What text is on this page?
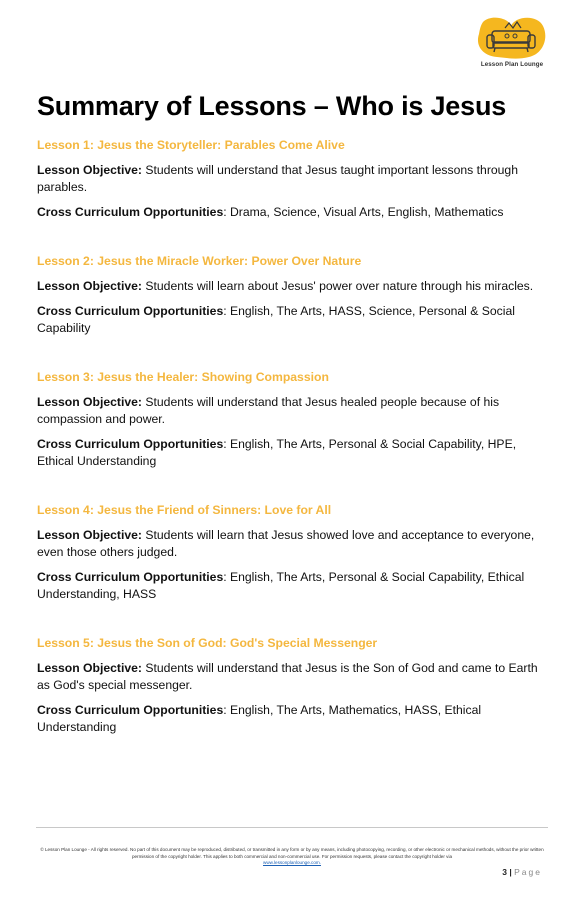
Lesson Plan Lounge
Summary of Lessons – Who is Jesus
Lesson 1: Jesus the Storyteller: Parables Come Alive

Lesson Objective: Students will understand that Jesus taught important lessons through parables.

Cross Curriculum Opportunities: Drama, Science, Visual Arts, English, Mathematics

Lesson 2: Jesus the Miracle Worker: Power Over Nature

Lesson Objective: Students will learn about Jesus' power over nature through his miracles.

Cross Curriculum Opportunities: English, The Arts, HASS, Science, Personal & Social Capability

Lesson 3: Jesus the Healer: Showing Compassion

Lesson Objective: Students will understand that Jesus healed people because of his compassion and power.

Cross Curriculum Opportunities: English, The Arts, Personal & Social Capability, HPE, Ethical Understanding

Lesson 4: Jesus the Friend of Sinners: Love for All

Lesson Objective: Students will learn that Jesus showed love and acceptance to everyone, even those others judged.

Cross Curriculum Opportunities: English, The Arts, Personal & Social Capability, Ethical Understanding, HASS

Lesson 5: Jesus the Son of God: God's Special Messenger

Lesson Objective: Students will understand that Jesus is the Son of God and came to Earth as God's special messenger.

Cross Curriculum Opportunities: English, The Arts, Mathematics, HASS, Ethical Understanding

© Lesson Plan Lounge - All rights reserved. No part of this document may be reproduced, distributed, or transmitted in any form or by any means, including photocopying, recording, or other electronic or mechanical methods, without the prior written permission of the copyright holder. This applies to both commercial and non-commercial use. For permission requests, please contact the copyright holder via
www.lessonplanlounge.com.
3 | Page
